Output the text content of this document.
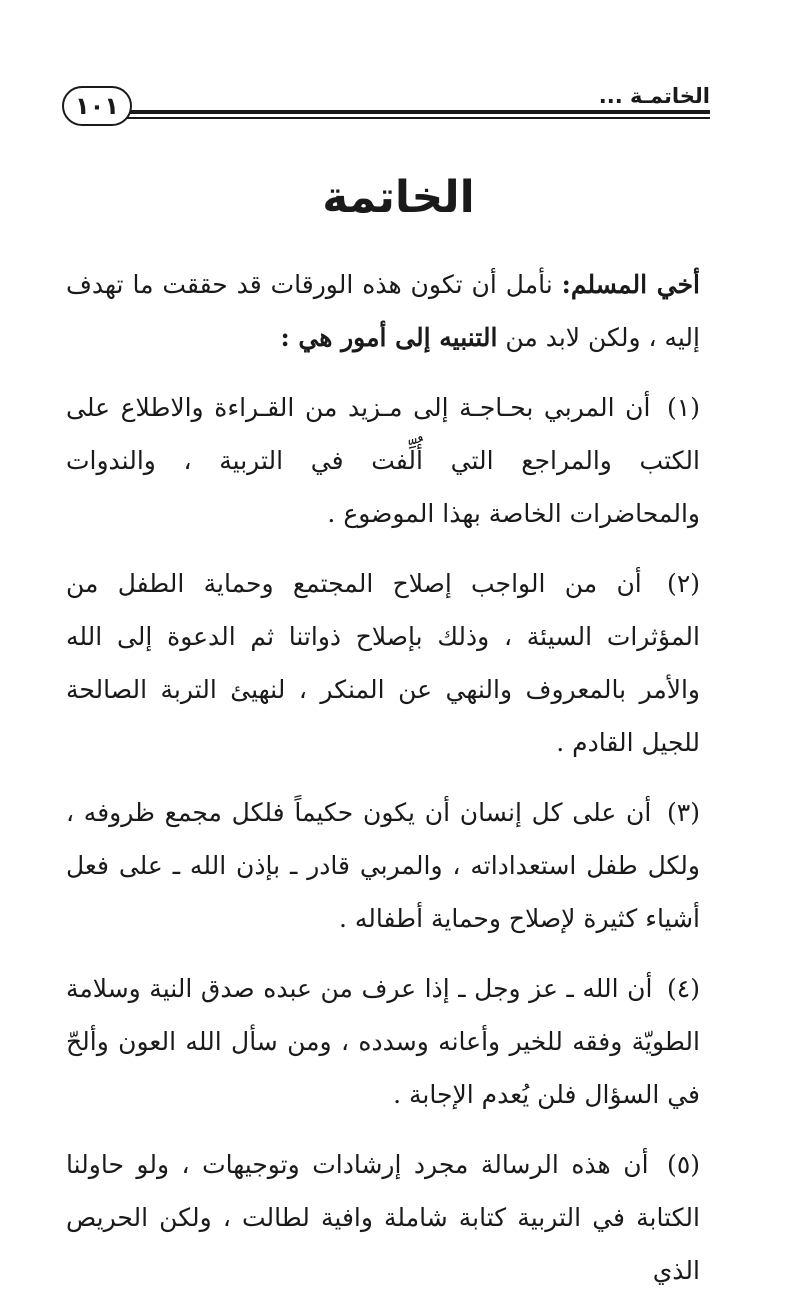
١٠١	الخاتمـة ...
الخاتمة

أخي المسلم: نأمل أن تكون هذه الورقات قد حققت ما تهدف إليه ، ولكن لابد من التنبيه إلى أمور هي :

(١) أن المربي بحـاجـة إلى مـزيد من القـراءة والاطلاع على الكتب والمراجع التي أُلِّفت في التربية ، والندوات والمحاضرات الخاصة بهذا الموضوع .

(٢) أن من الواجب إصلاح المجتمع وحماية الطفل من المؤثرات السيئة ، وذلك بإصلاح ذواتنا ثم الدعوة إلى الله والأمر بالمعروف والنهي عن المنكر ، لنهيئ التربة الصالحة للجيل القادم .

(٣) أن على كل إنسان أن يكون حكيماً فلكل مجمع ظروفه ، ولكل طفل استعداداته ، والمربي قادر ـ بإذن الله ـ على فعل أشياء كثيرة لإصلاح وحماية أطفاله .

(٤) أن الله ـ عز وجل ـ إذا عرف من عبده صدق النية وسلامة الطويّة وفقه للخير وأعانه وسدده ، ومن سأل الله العون وألحّ في السؤال فلن يُعدم الإجابة .

(٥) أن هذه الرسالة مجرد إرشادات وتوجيهات ، ولو حاولنا الكتابة في التربية كتابة شاملة وافية لطالت ، ولكن الحريص الذي
